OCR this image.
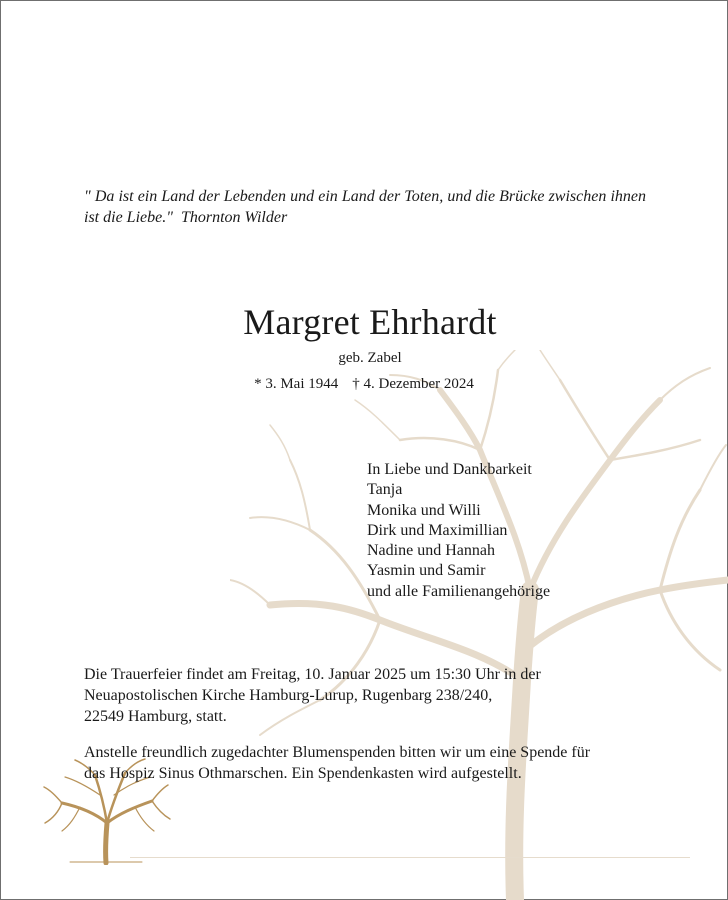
" Da ist ein Land der Lebenden und ein Land der Toten, und die Brücke zwischen ihnen ist die Liebe." Thornton Wilder
Margret Ehrhardt
geb. Zabel
* 3. Mai 1944 † 4. Dezember 2024
In Liebe und Dankbarkeit
Tanja
Monika und Willi
Dirk und Maximillian
Nadine und Hannah
Yasmin und Samir
und alle Familienangehörige
Die Trauerfeier findet am Freitag, 10. Januar 2025 um 15:30 Uhr in der
Neuapostolischen Kirche Hamburg-Lurup, Rugenbarg 238/240,
22549 Hamburg, statt.
Anstelle freundlich zugedachter Blumenspenden bitten wir um eine Spende für
das Hospiz Sinus Othmarschen. Ein Spendenkasten wird aufgestellt.
